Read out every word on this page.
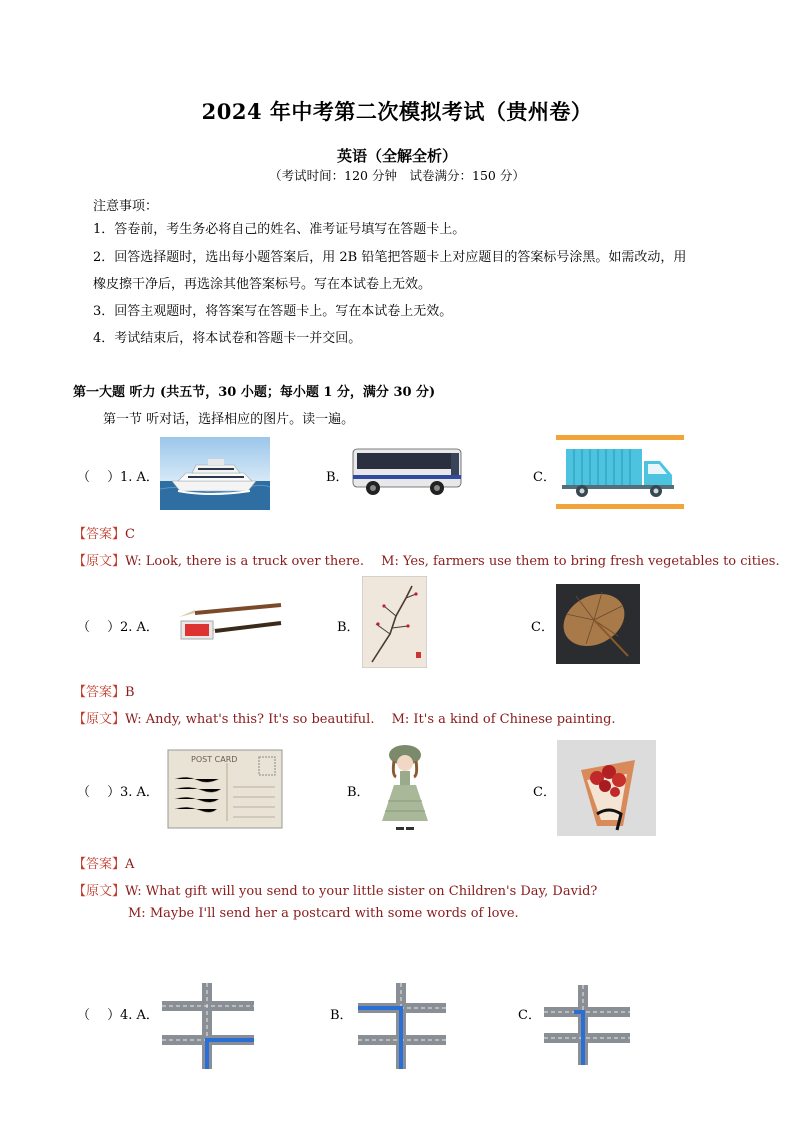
2024 年中考第二次模拟考试（贵州卷）
英语（全解全析）
（考试时间：120 分钟　试卷满分：150 分）
注意事项：
1．答卷前，考生务必将自己的姓名、准考证号填写在答题卡上。
2．回答选择题时，选出每小题答案后，用 2B 铅笔把答题卡上对应题目的答案标号涂黑。如需改动，用
橡皮擦干净后，再选涂其他答案标号。写在本试卷上无效。
3．回答主观题时，将答案写在答题卡上。写在本试卷上无效。
4．考试结束后，将本试卷和答题卡一并交回。
第一大题 听力 (共五节，30 小题；每小题 1 分，满分 30 分)
第一节 听对话，选择相应的图片。读一遍。
（　 ） 1. A．	B．	C．
【答案】C
【原文】W: Look, there is a truck over there.　 M: Yes, farmers use them to bring fresh vegetables to cities.
（　 ） 2. A．	B．	C．
【答案】B
【原文】W: Andy, what's this? It's so beautiful.　 M: It's a kind of Chinese painting.
（　 ） 3. A．
POST CARD
B．	C．
【答案】A
【原文】W: What gift will you send to your little sister on Children's Day, David?
M: Maybe I'll send her a postcard with some words of love.
（　 ） 4. A．	B．	C．
